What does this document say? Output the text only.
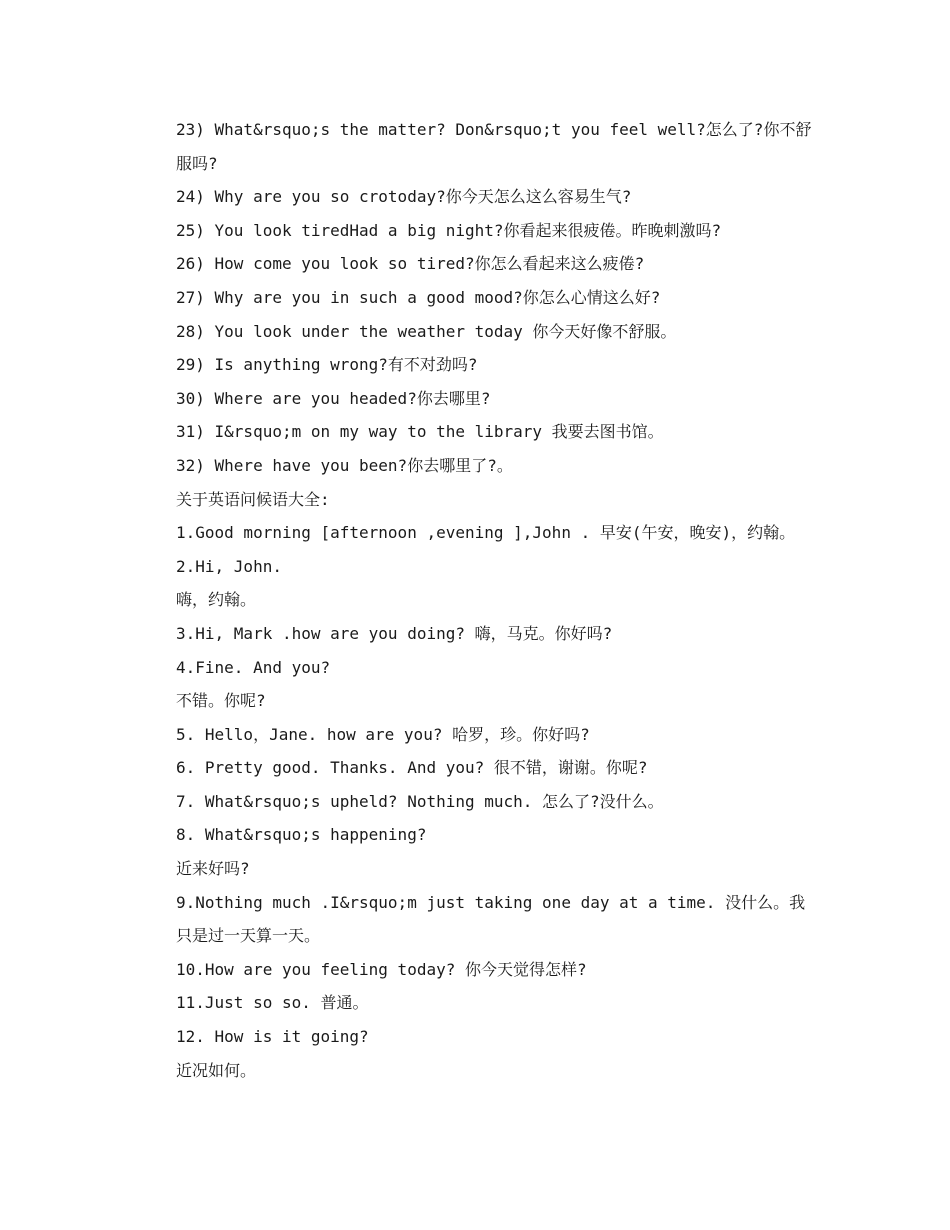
23) What&rsquo;s the matter? Don&rsquo;t you feel well?怎么了?你不舒服吗?
24) Why are you so crotoday?你今天怎么这么容易生气?
25) You look tiredHad a big night?你看起来很疲倦。昨晚刺激吗?
26) How come you look so tired?你怎么看起来这么疲倦?
27) Why are you in such a good mood?你怎么心情这么好?
28) You look under the weather today 你今天好像不舒服。
29) Is anything wrong?有不对劲吗?
30) Where are you headed?你去哪里?
31) I&rsquo;m on my way to the library 我要去图书馆。
32) Where have you been?你去哪里了?。
关于英语问候语大全:
1.Good morning [afternoon ,evening ],John . 早安(午安，晚安)，约翰。
2.Hi, John.
嗨，约翰。
3.Hi, Mark .how are you doing? 嗨，马克。你好吗?
4.Fine. And you?
不错。你呢?
5. Hello，Jane. how are you? 哈罗，珍。你好吗?
6. Pretty good. Thanks. And you? 很不错，谢谢。你呢?
7. What&rsquo;s upheld? Nothing much. 怎么了?没什么。
8. What&rsquo;s happening?
近来好吗?
9.Nothing much .I&rsquo;m just taking one day at a time. 没什么。我只是过一天算一天。
10.How are you feeling today? 你今天觉得怎样?
11.Just so so. 普通。
12. How is it going?
近况如何。
